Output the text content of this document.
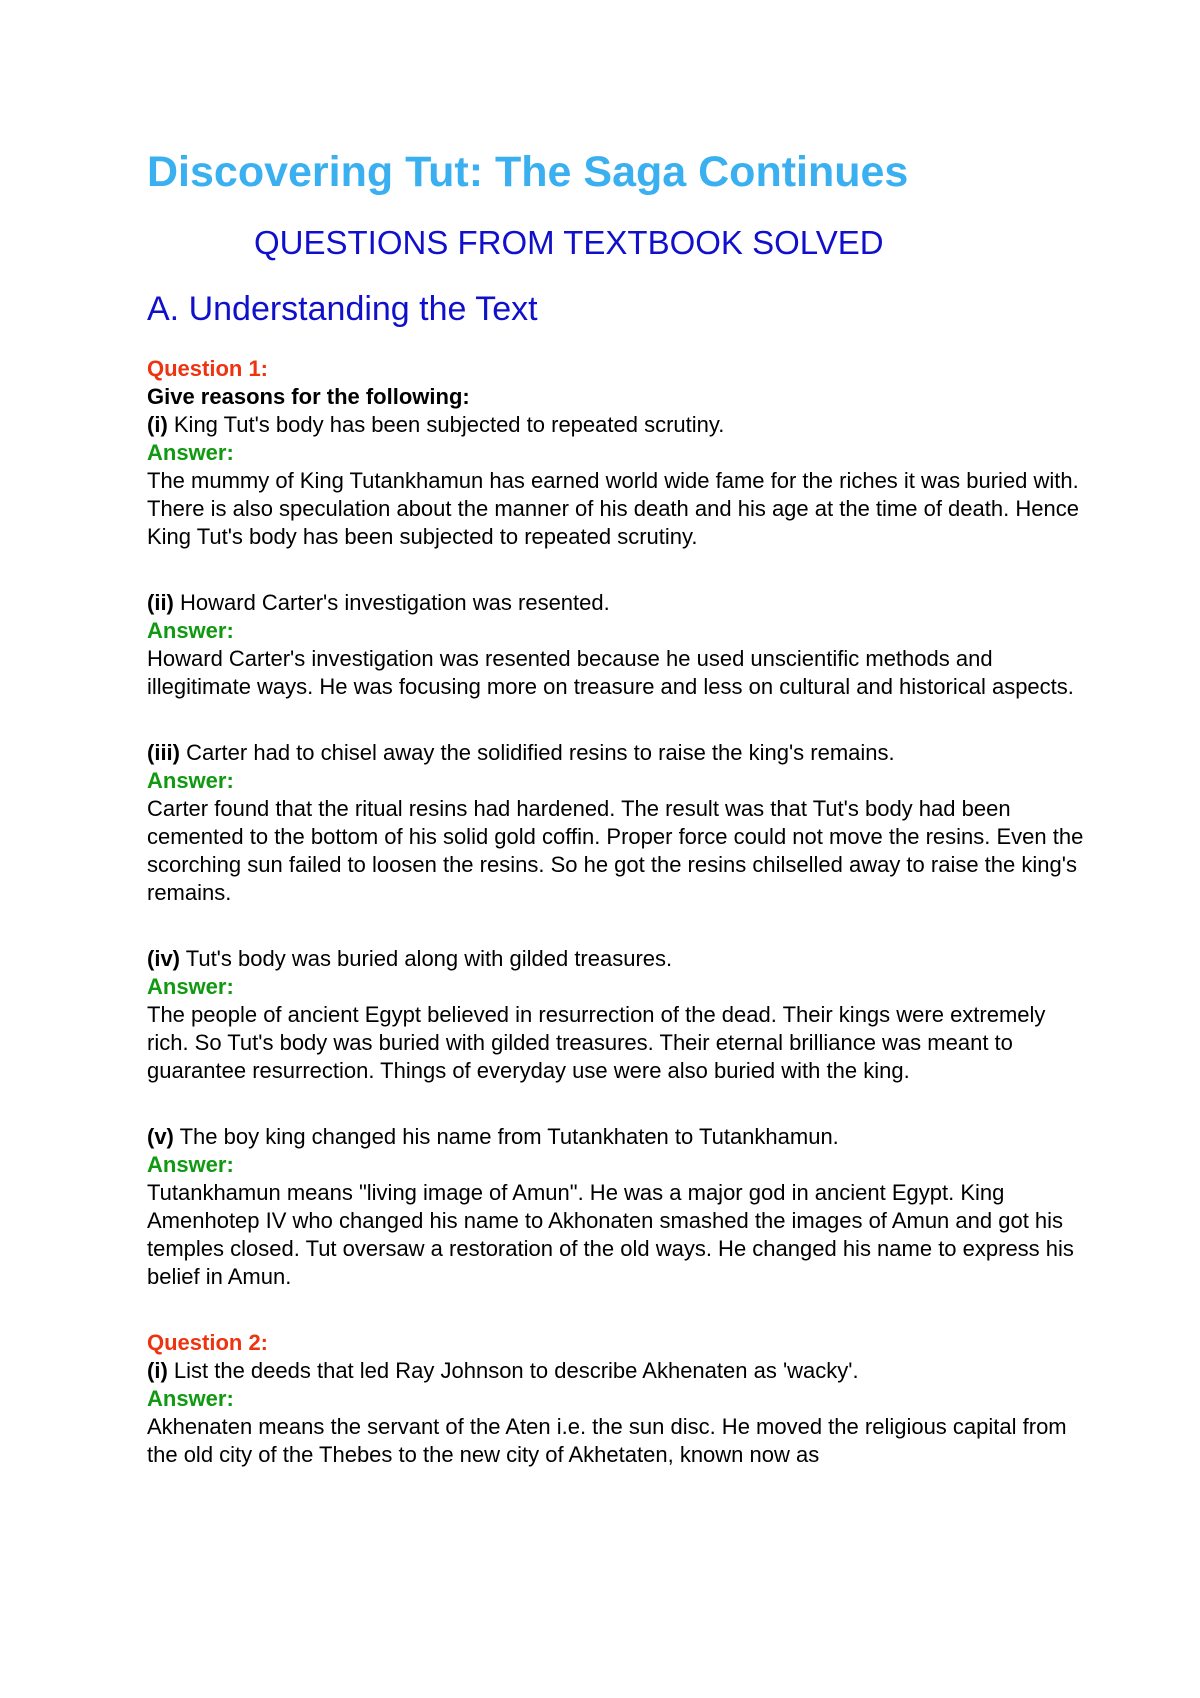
Discovering Tut: The Saga Continues
QUESTIONS FROM TEXTBOOK SOLVED
A. Understanding the Text

Question 1:

Give reasons for the following:

(i) King Tut's body has been subjected to repeated scrutiny.

Answer:

The mummy of King Tutankhamun has earned world wide fame for the riches it was buried with. There is also speculation about the manner of his death and his age at the time of death. Hence King Tut's body has been subjected to repeated scrutiny.

(ii) Howard Carter's investigation was resented.

Answer:

Howard Carter's investigation was resented because he used unscientific methods and illegitimate ways. He was focusing more on treasure and less on cultural and historical aspects.

(iii) Carter had to chisel away the solidified resins to raise the king's remains.

Answer:

Carter found that the ritual resins had hardened. The result was that Tut's body had been cemented to the bottom of his solid gold coffin. Proper force could not move the resins. Even the scorching sun failed to loosen the resins. So he got the resins chilselled away to raise the king's remains.

(iv) Tut's body was buried along with gilded treasures.

Answer:

The people of ancient Egypt believed in resurrection of the dead. Their kings were extremely rich. So Tut's body was buried with gilded treasures. Their eternal brilliance was meant to guarantee resurrection. Things of everyday use were also buried with the king.

(v) The boy king changed his name from Tutankhaten to Tutankhamun.

Answer:

Tutankhamun means "living image of Amun". He was a major god in ancient Egypt. King Amenhotep IV who changed his name to Akhonaten smashed the images of Amun and got his temples closed. Tut oversaw a restoration of the old ways. He changed his name to express his belief in Amun.

Question 2:

(i) List the deeds that led Ray Johnson to describe Akhenaten as 'wacky'.

Answer:

Akhenaten means the servant of the Aten i.e. the sun disc. He moved the religious capital from the old city of the Thebes to the new city of Akhetaten, known now as
